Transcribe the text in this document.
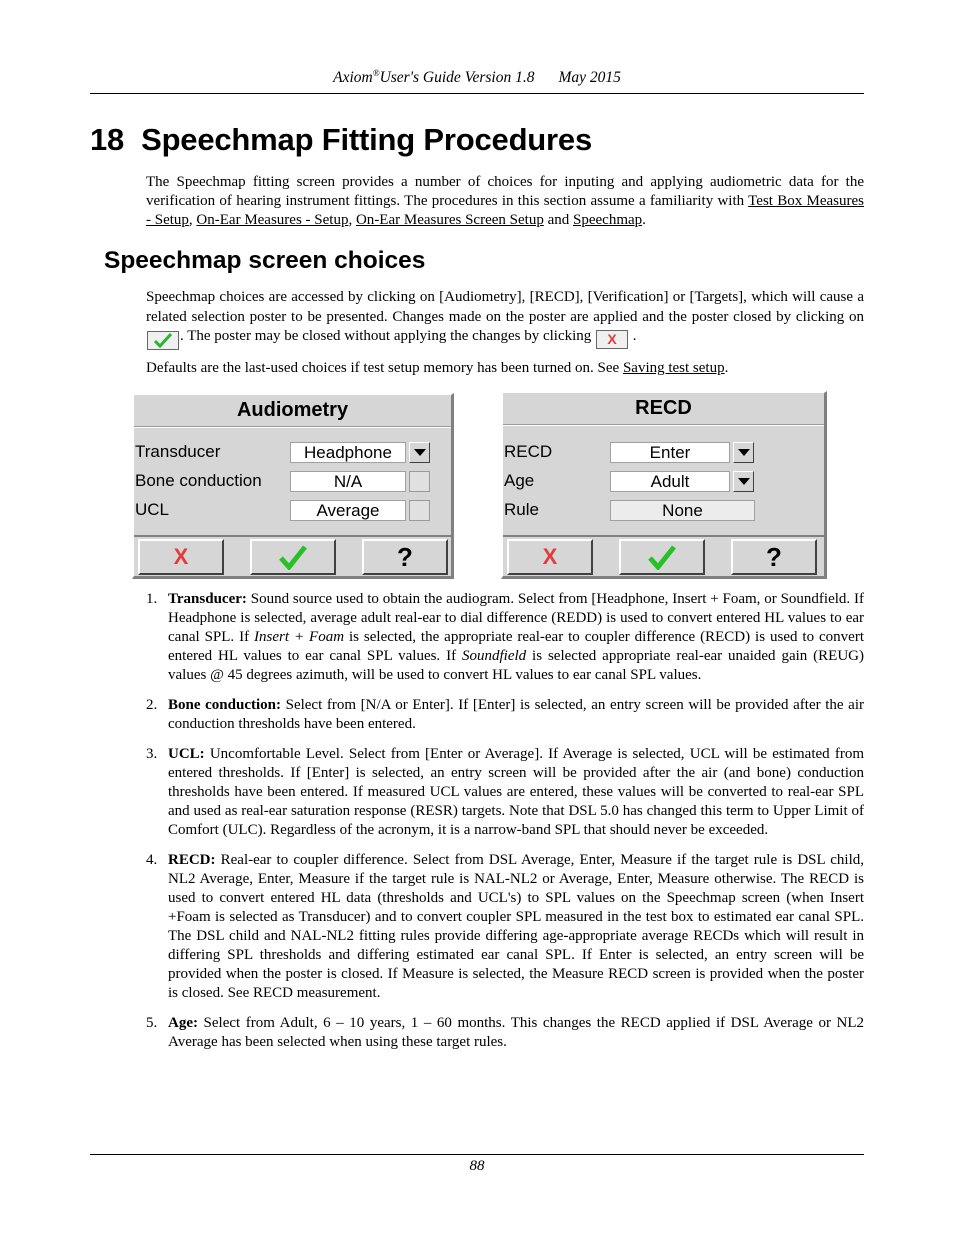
Axiom®User's Guide Version 1.8 May 2015
18 Speechmap Fitting Procedures

The Speechmap fitting screen provides a number of choices for inputing and applying audiometric data for the verification of hearing instrument fittings. The procedures in this section assume a familiarity with Test Box Measures - Setup, On-Ear Measures - Setup, On-Ear Measures Screen Setup and Speechmap.

Speechmap screen choices

Speechmap choices are accessed by clicking on [Audiometry], [RECD], [Verification] or [Targets], which will cause a related selection poster to be presented. Changes made on the poster are applied and the poster closed by clicking on . The poster may be closed without applying the changes by clicking X .

Defaults are the last-used choices if test setup memory has been turned on. See Saving test setup.

Audiometry
Transducer	Headphone
Bone conduction	N/A
UCL	Average
X	?
RECD
RECD	Enter
Age	Adult
Rule	None
X	?
1. Transducer: Sound source used to obtain the audiogram. Select from [Headphone, Insert + Foam, or Soundfield. If Headphone is selected, average adult real-ear to dial difference (REDD) is used to convert entered HL values to ear canal SPL. If Insert + Foam is selected, the appropriate real-ear to coupler difference (RECD) is used to convert entered HL values to ear canal SPL values. If Soundfield is selected appropriate real-ear unaided gain (REUG) values @ 45 degrees azimuth, will be used to convert HL values to ear canal SPL values.
2. Bone conduction: Select from [N/A or Enter]. If [Enter] is selected, an entry screen will be provided after the air conduction thresholds have been entered.
3. UCL: Uncomfortable Level. Select from [Enter or Average]. If Average is selected, UCL will be estimated from entered thresholds. If [Enter] is selected, an entry screen will be provided after the air (and bone) conduction thresholds have been entered. If measured UCL values are entered, these values will be converted to real-ear SPL and used as real-ear saturation response (RESR) targets. Note that DSL 5.0 has changed this term to Upper Limit of Comfort (ULC). Regardless of the acronym, it is a narrow-band SPL that should never be exceeded.
4. RECD: Real-ear to coupler difference. Select from DSL Average, Enter, Measure if the target rule is DSL child, NL2 Average, Enter, Measure if the target rule is NAL-NL2 or Average, Enter, Measure otherwise. The RECD is used to convert entered HL data (thresholds and UCL's) to SPL values on the Speechmap screen (when Insert +Foam is selected as Transducer) and to convert coupler SPL measured in the test box to estimated ear canal SPL. The DSL child and NAL-NL2 fitting rules provide differing age-appropriate average RECDs which will result in differing SPL thresholds and differing estimated ear canal SPL. If Enter is selected, an entry screen will be provided when the poster is closed. If Measure is selected, the Measure RECD screen is provided when the poster is closed. See RECD measurement.
5. Age: Select from Adult, 6 – 10 years, 1 – 60 months. This changes the RECD applied if DSL Average or NL2 Average has been selected when using these target rules.
88
